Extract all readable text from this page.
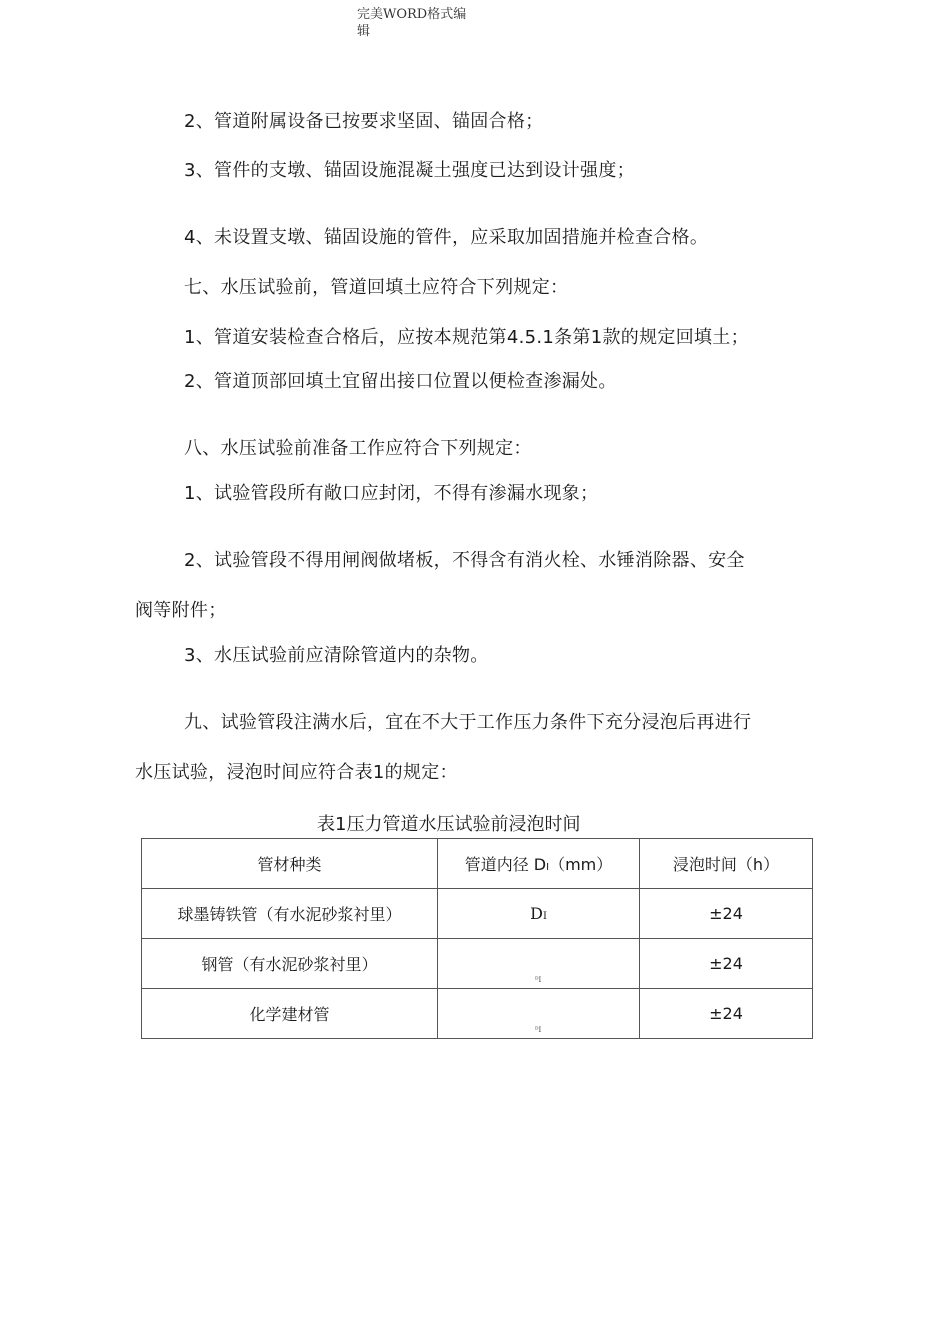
完美WORD格式编
辑

2、管道附属设备已按要求坚固、锚固合格；

3、管件的支墩、锚固设施混凝土强度已达到设计强度；

4、未设置支墩、锚固设施的管件，应采取加固措施并检查合格。

七、水压试验前，管道回填土应符合下列规定：

1、管道安装检查合格后，应按本规范第4.5.1条第1款的规定回填土；

2、管道顶部回填土宜留出接口位置以便检查渗漏处。

八、水压试验前准备工作应符合下列规定：

1、试验管段所有敞口应封闭，不得有渗漏水现象；

2、试验管段不得用闸阀做堵板，不得含有消火栓、水锤消除器、安全

阀等附件；

3、水压试验前应清除管道内的杂物。

九、试验管段注满水后，宜在不大于工作压力条件下充分浸泡后再进行

水压试验，浸泡时间应符合表1的规定：

表1压力管道水压试验前浸泡时间
管材种类	管道内径 DI（mm）	浸泡时间（h）
球墨铸铁管（有水泥砂浆衬里）	DI	±24
钢管（有水泥砂浆衬里）	ᴰI	±24
化学建材管	ᴰI	±24
